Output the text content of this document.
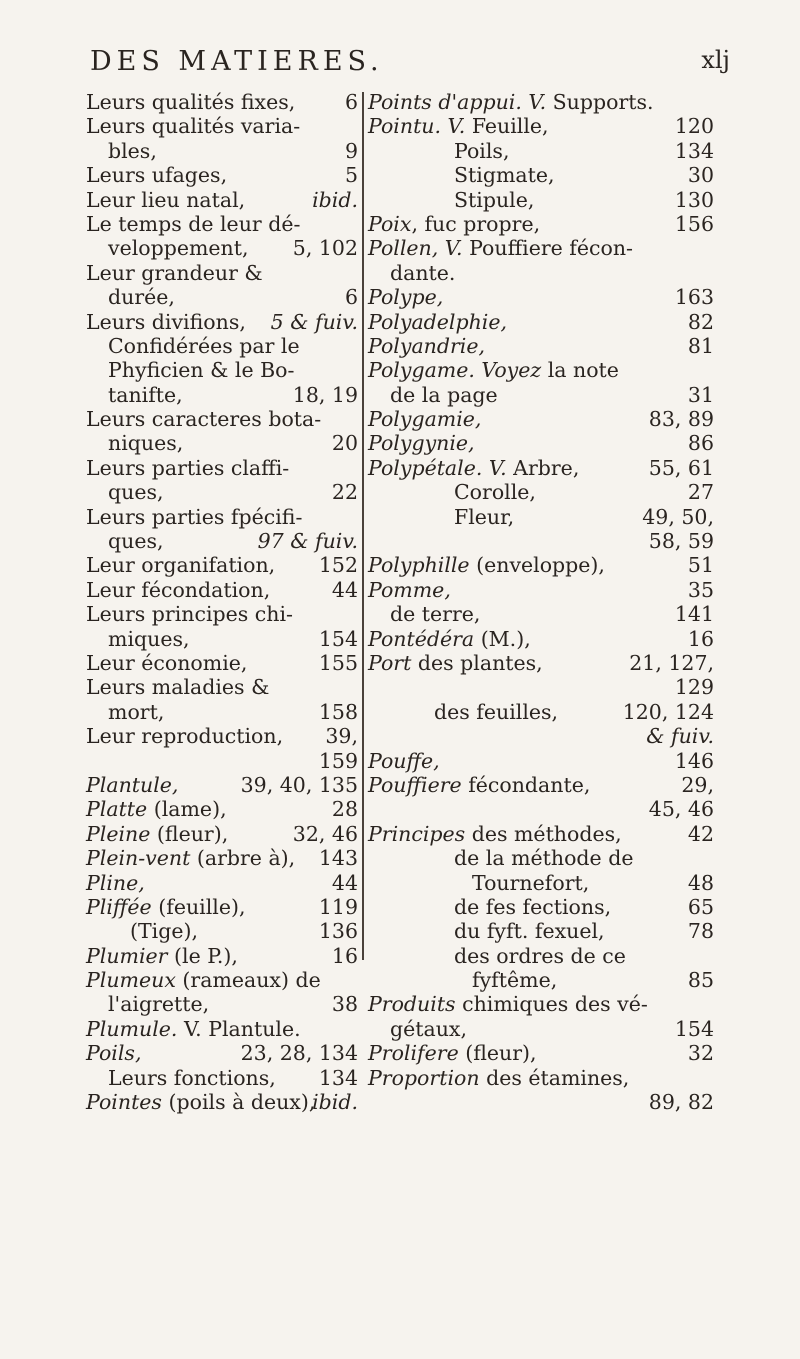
DES MATIERES.	xlj
Leurs qualités fixes, 6
Leurs qualités varia-
bles,	9
Leurs ufages,	5
Leur lieu natal,	ibid.
Le temps de leur dé-
veloppement, 5, 102
Leur grandeur &
durée,	6
Leurs divifions, 5 & fuiv.
Confidérées par le
Phyficien & le Bo-
tanifte,	18, 19
Leurs caracteres bota-
niques,	20
Leurs parties claffi-
ques,	22
Leurs parties fpécifi-
ques,	97 & fuiv.
Leur organifation, 152
Leur fécondation,	44
Leurs principes chi-
miques,	154
Leur économie,	155
Leurs maladies &
mort,	158
Leur reproduction, 39,
159
Plantule,	39, 40, 135
Platte (lame),	28
Pleine (fleur),	32, 46
Plein-vent (arbre à), 143
Pline,	44
Pliffée (feuille),	119
(Tige),	136
Plumier (le P.),	16
Plumeux (rameaux) de
l'aigrette,	38
Plumule. V. Plantule.
Poils,	23, 28, 134
Leurs fonctions, 134
Pointes (poils à deux),
ibid.
Points d'appui. V. Supports.
Pointu. V. Feuille,	120
Poils,	134
Stigmate,	30
Stipule,	130
Poix, fuc propre,	156
Pollen, V. Pouffiere fécon-
dante.
Polype,	163
Polyadelphie,	82
Polyandrie,	81
Polygame. Voyez la note
de la page	31
Polygamie,	83, 89
Polygynie,	86
Polypétale. V. Arbre,	55, 61
Corolle,	27
Fleur,	49, 50,
58, 59
Polyphille (enveloppe),	51
Pomme,	35
de terre,	141
Pontédéra (M.),	16
Port des plantes,	21, 127,
129
des feuilles,	120, 124
& fuiv.
Pouffe,	146
Pouffiere fécondante,	29,
45, 46
Principes des méthodes,	42
de la méthode de
Tournefort,	48
de fes fections,	65
du fyft. fexuel,	78
des ordres de ce
fyftême,	85
Produits chimiques des vé-
gétaux,	154
Prolifere (fleur),	32
Proportion des étamines,
89, 82
